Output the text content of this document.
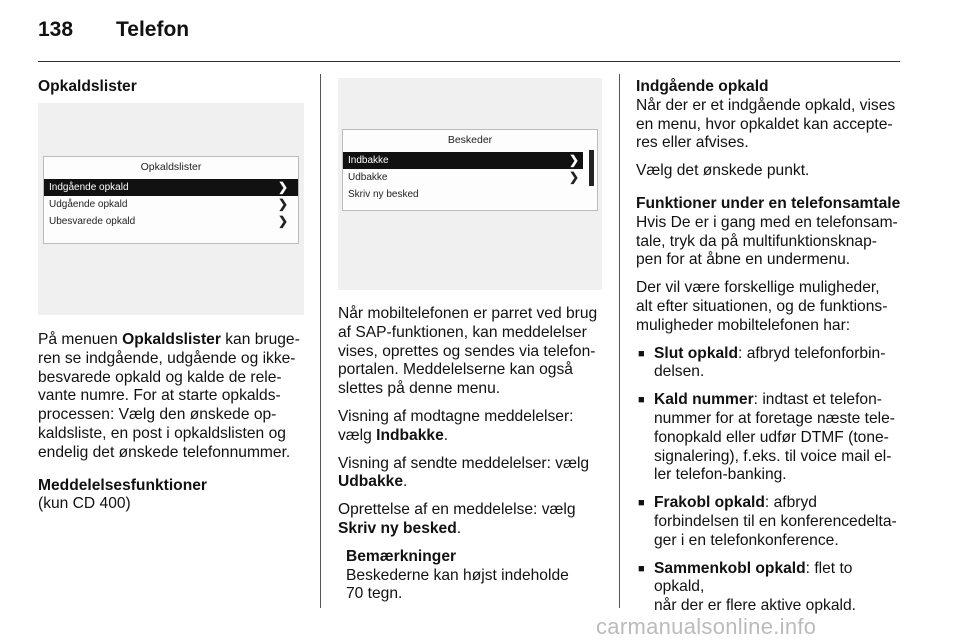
138 Telefon
Opkaldslister
Opkaldslister
Indgående opkald	❯
Udgående opkald	❯
Ubesvarede opkald	❯

På menuen Opkaldslister kan bruge-
ren se indgående, udgående og ikke-
besvarede opkald og kalde de rele-
vante numre. For at starte opkalds-
processen: Vælg den ønskede op-
kaldsliste, en post i opkaldslisten og
endelig det ønskede telefonnummer.

Meddelelsesfunktioner
(kun CD 400)
Beskeder
Indbakke	❯
Udbakke	❯
Skriv ny besked

Når mobiltelefonen er parret ved brug
af SAP-funktionen, kan meddelelser
vises, oprettes og sendes via telefon-
portalen. Meddelelserne kan også
slettes på denne menu.

Visning af modtagne meddelelser:
vælg Indbakke.

Visning af sendte meddelelser: vælg
Udbakke.

Oprettelse af en meddelelse: vælg
Skriv ny besked.

Bemærkninger
Beskederne kan højst indeholde
70 tegn.
Indgående opkald

Når der er et indgående opkald, vises
en menu, hvor opkaldet kan accepte-
res eller afvises.

Vælg det ønskede punkt.

Funktioner under en telefonsamtale

Hvis De er i gang med en telefonsam-
tale, tryk da på multifunktionsknap-
pen for at åbne en undermenu.

Der vil være forskellige muligheder,
alt efter situationen, og de funktions-
muligheder mobiltelefonen har:

■ Slut opkald: afbryd telefonforbin-
delsen.
■ Kald nummer: indtast et telefon-
nummer for at foretage næste tele-
fonopkald eller udfør DTMF (tone-
signalering), f.eks. til voice mail el-
ler telefon-banking.
■ Frakobl opkald: afbryd
forbindelsen til en konferencedelta-
ger i en telefonkonference.
■ Sammenkobl opkald: flet to opkald,
når der er flere aktive opkald.
carmanualsonline.info
